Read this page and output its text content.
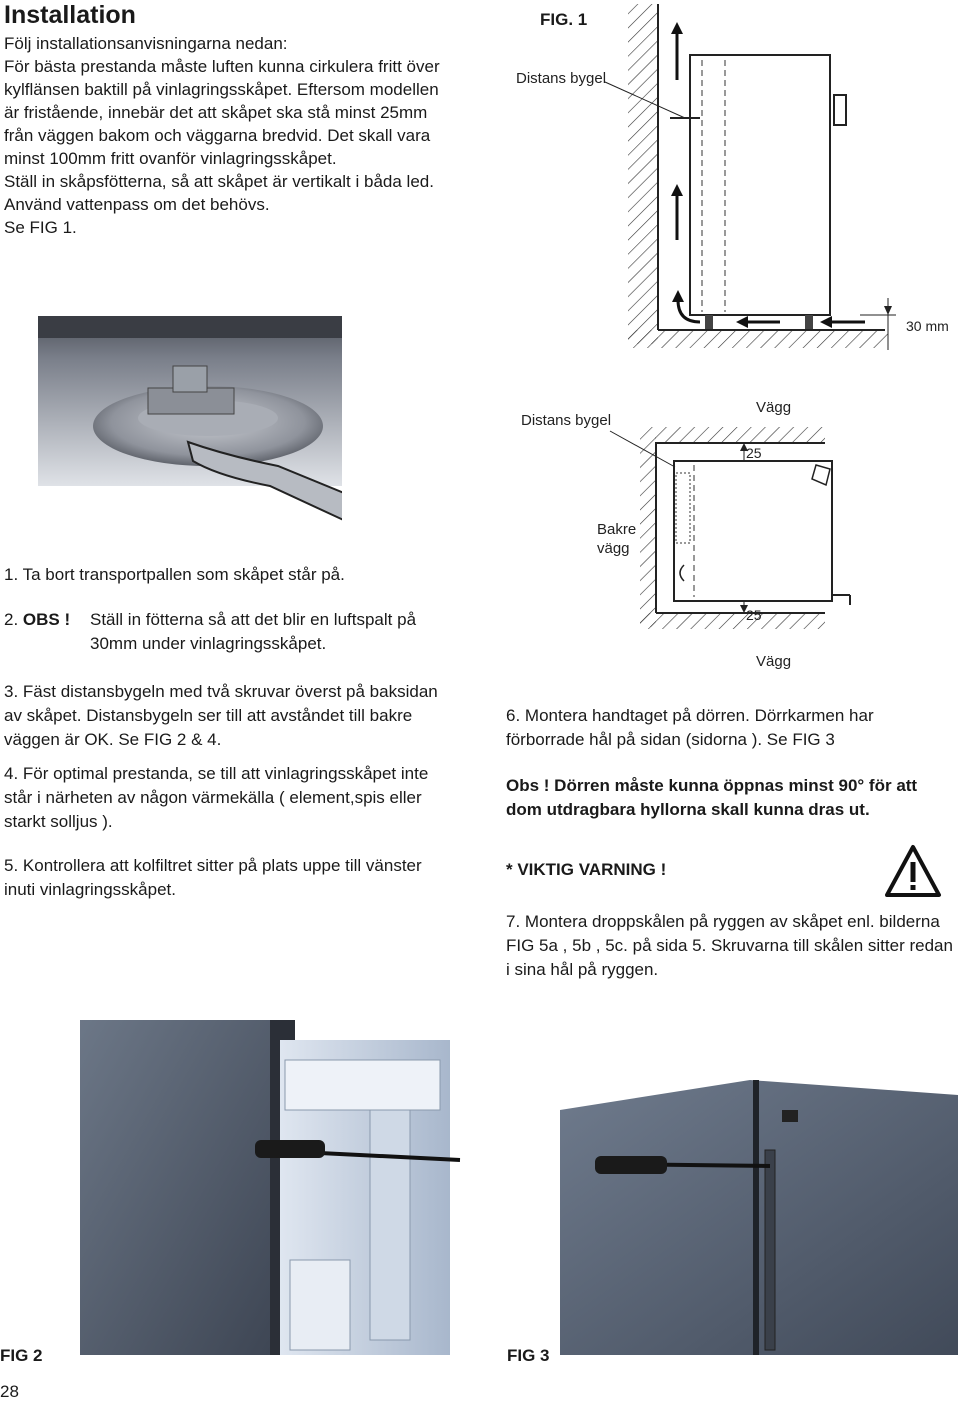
Installation

Följ installationsanvisningarna nedan:

För bästa prestanda måste luften kunna cirkulera fritt över kylflänsen baktill på vinlagringsskåpet. Eftersom modellen är fristående, innebär det att skåpet ska stå minst 25mm från väggen bakom och väggarna bredvid. Det skall vara minst 100mm fritt ovanför vinlagringsskåpet.

Ställ in skåpsfötterna, så att skåpet är vertikalt i båda led. Använd vattenpass om det behövs.

Se FIG 1.

FIG. 1
Distans bygel
30 mm
Distans bygel
Vägg
25
Bakre vägg
25
Vägg
1. Ta bort transportpallen som skåpet står på.
2. OBS !	Ställ in fötterna så att det blir en luftspalt på 30mm under vinlagringsskåpet.
3. Fäst distansbygeln med två skruvar överst på baksidan av skåpet. Distansbygeln ser till att avståndet till bakre väggen är OK. Se FIG 2 & 4.
4. För optimal prestanda, se till att vinlagringsskåpet inte står i närheten av någon värmekälla ( element,spis eller starkt solljus ).
5. Kontrollera att kolfiltret sitter på plats uppe till vänster inuti vinlagringsskåpet.
6. Montera handtaget på dörren. Dörrkarmen har förborrade hål på sidan (sidorna ). Se FIG 3
Obs ! Dörren måste kunna öppnas minst 90° för att dom utdragbara hyllorna skall kunna dras ut.
* VIKTIG VARNING !
7. Montera droppskålen på ryggen av skåpet enl. bilderna FIG 5a , 5b , 5c. på sida 5. Skruvarna till skålen sitter redan i sina hål på ryggen.
FIG 2	FIG 3
28
